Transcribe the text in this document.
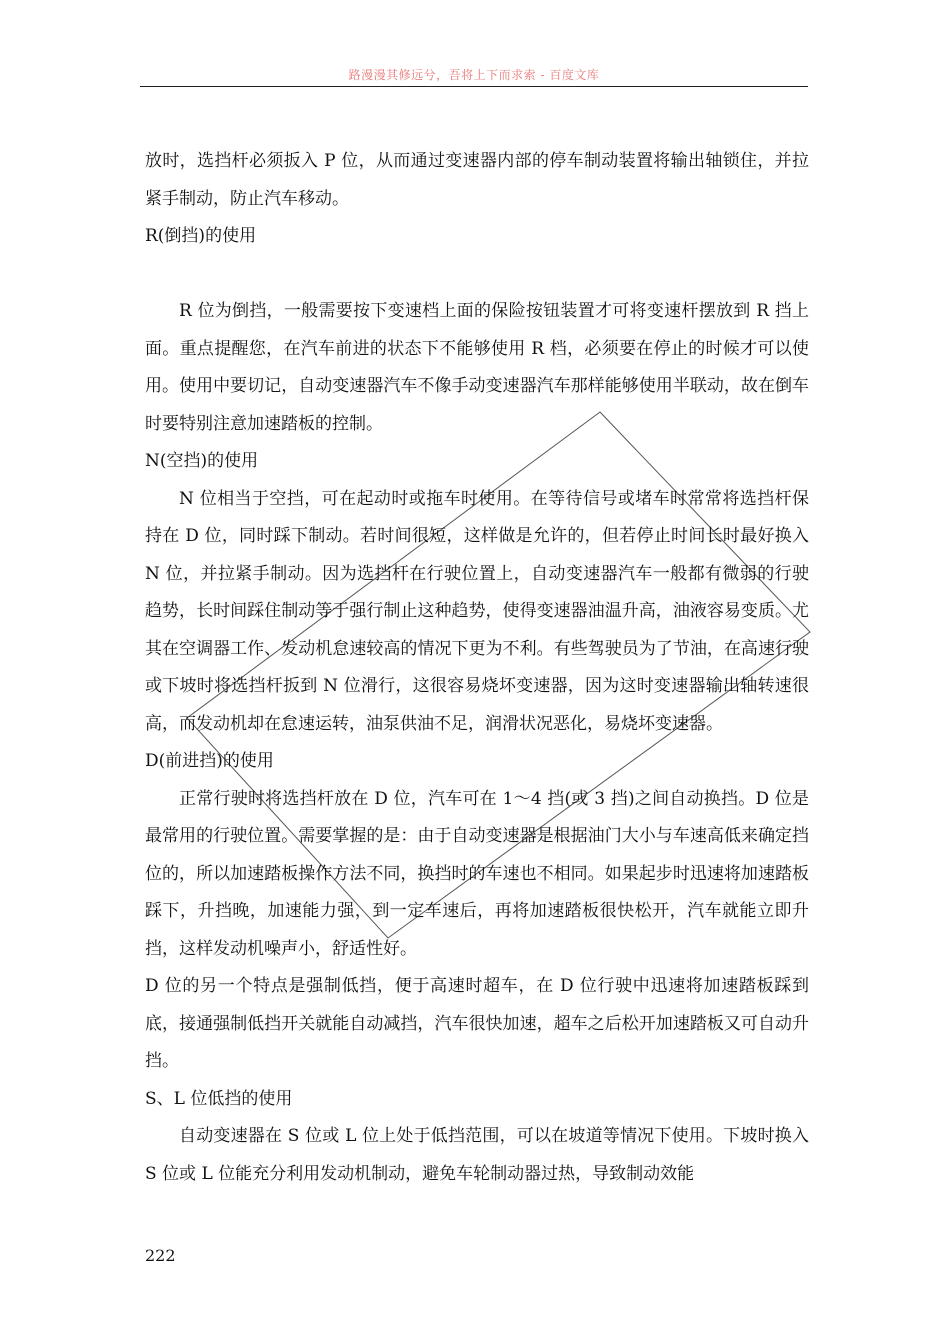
路漫漫其修远兮，吾将上下而求索 - 百度文库

放时，选挡杆必须扳入 P 位，从而通过变速器内部的停车制动装置将输出轴锁住，并拉紧手制动，防止汽车移动。

R(倒挡)的使用

R 位为倒挡，一般需要按下变速档上面的保险按钮装置才可将变速杆摆放到 R 挡上面。重点提醒您，在汽车前进的状态下不能够使用 R 档，必须要在停止的时候才可以使用。使用中要切记，自动变速器汽车不像手动变速器汽车那样能够使用半联动，故在倒车时要特别注意加速踏板的控制。

N(空挡)的使用

N 位相当于空挡，可在起动时或拖车时使用。在等待信号或堵车时常常将选挡杆保持在 D 位，同时踩下制动。若时间很短，这样做是允许的，但若停止时间长时最好换入 N 位，并拉紧手制动。因为选挡杆在行驶位置上，自动变速器汽车一般都有微弱的行驶趋势，长时间踩住制动等于强行制止这种趋势，使得变速器油温升高，油液容易变质。尤其在空调器工作、发动机怠速较高的情况下更为不利。有些驾驶员为了节油，在高速行驶或下坡时将选挡杆扳到 N 位滑行，这很容易烧坏变速器，因为这时变速器输出轴转速很高，而发动机却在怠速运转，油泵供油不足，润滑状况恶化，易烧坏变速器。

D(前进挡)的使用

正常行驶时将选挡杆放在 D 位，汽车可在 1～4 挡(或 3 挡)之间自动换挡。D 位是最常用的行驶位置。需要掌握的是：由于自动变速器是根据油门大小与车速高低来确定挡位的，所以加速踏板操作方法不同，换挡时的车速也不相同。如果起步时迅速将加速踏板踩下，升挡晚，加速能力强，到一定车速后，再将加速踏板很快松开，汽车就能立即升挡，这样发动机噪声小，舒适性好。

D 位的另一个特点是强制低挡，便于高速时超车，在 D 位行驶中迅速将加速踏板踩到底，接通强制低挡开关就能自动减挡，汽车很快加速，超车之后松开加速踏板又可自动升挡。

S、L 位低挡的使用

自动变速器在 S 位或 L 位上处于低挡范围，可以在坡道等情况下使用。下坡时换入 S 位或 L 位能充分利用发动机制动，避免车轮制动器过热，导致制动效能

222
